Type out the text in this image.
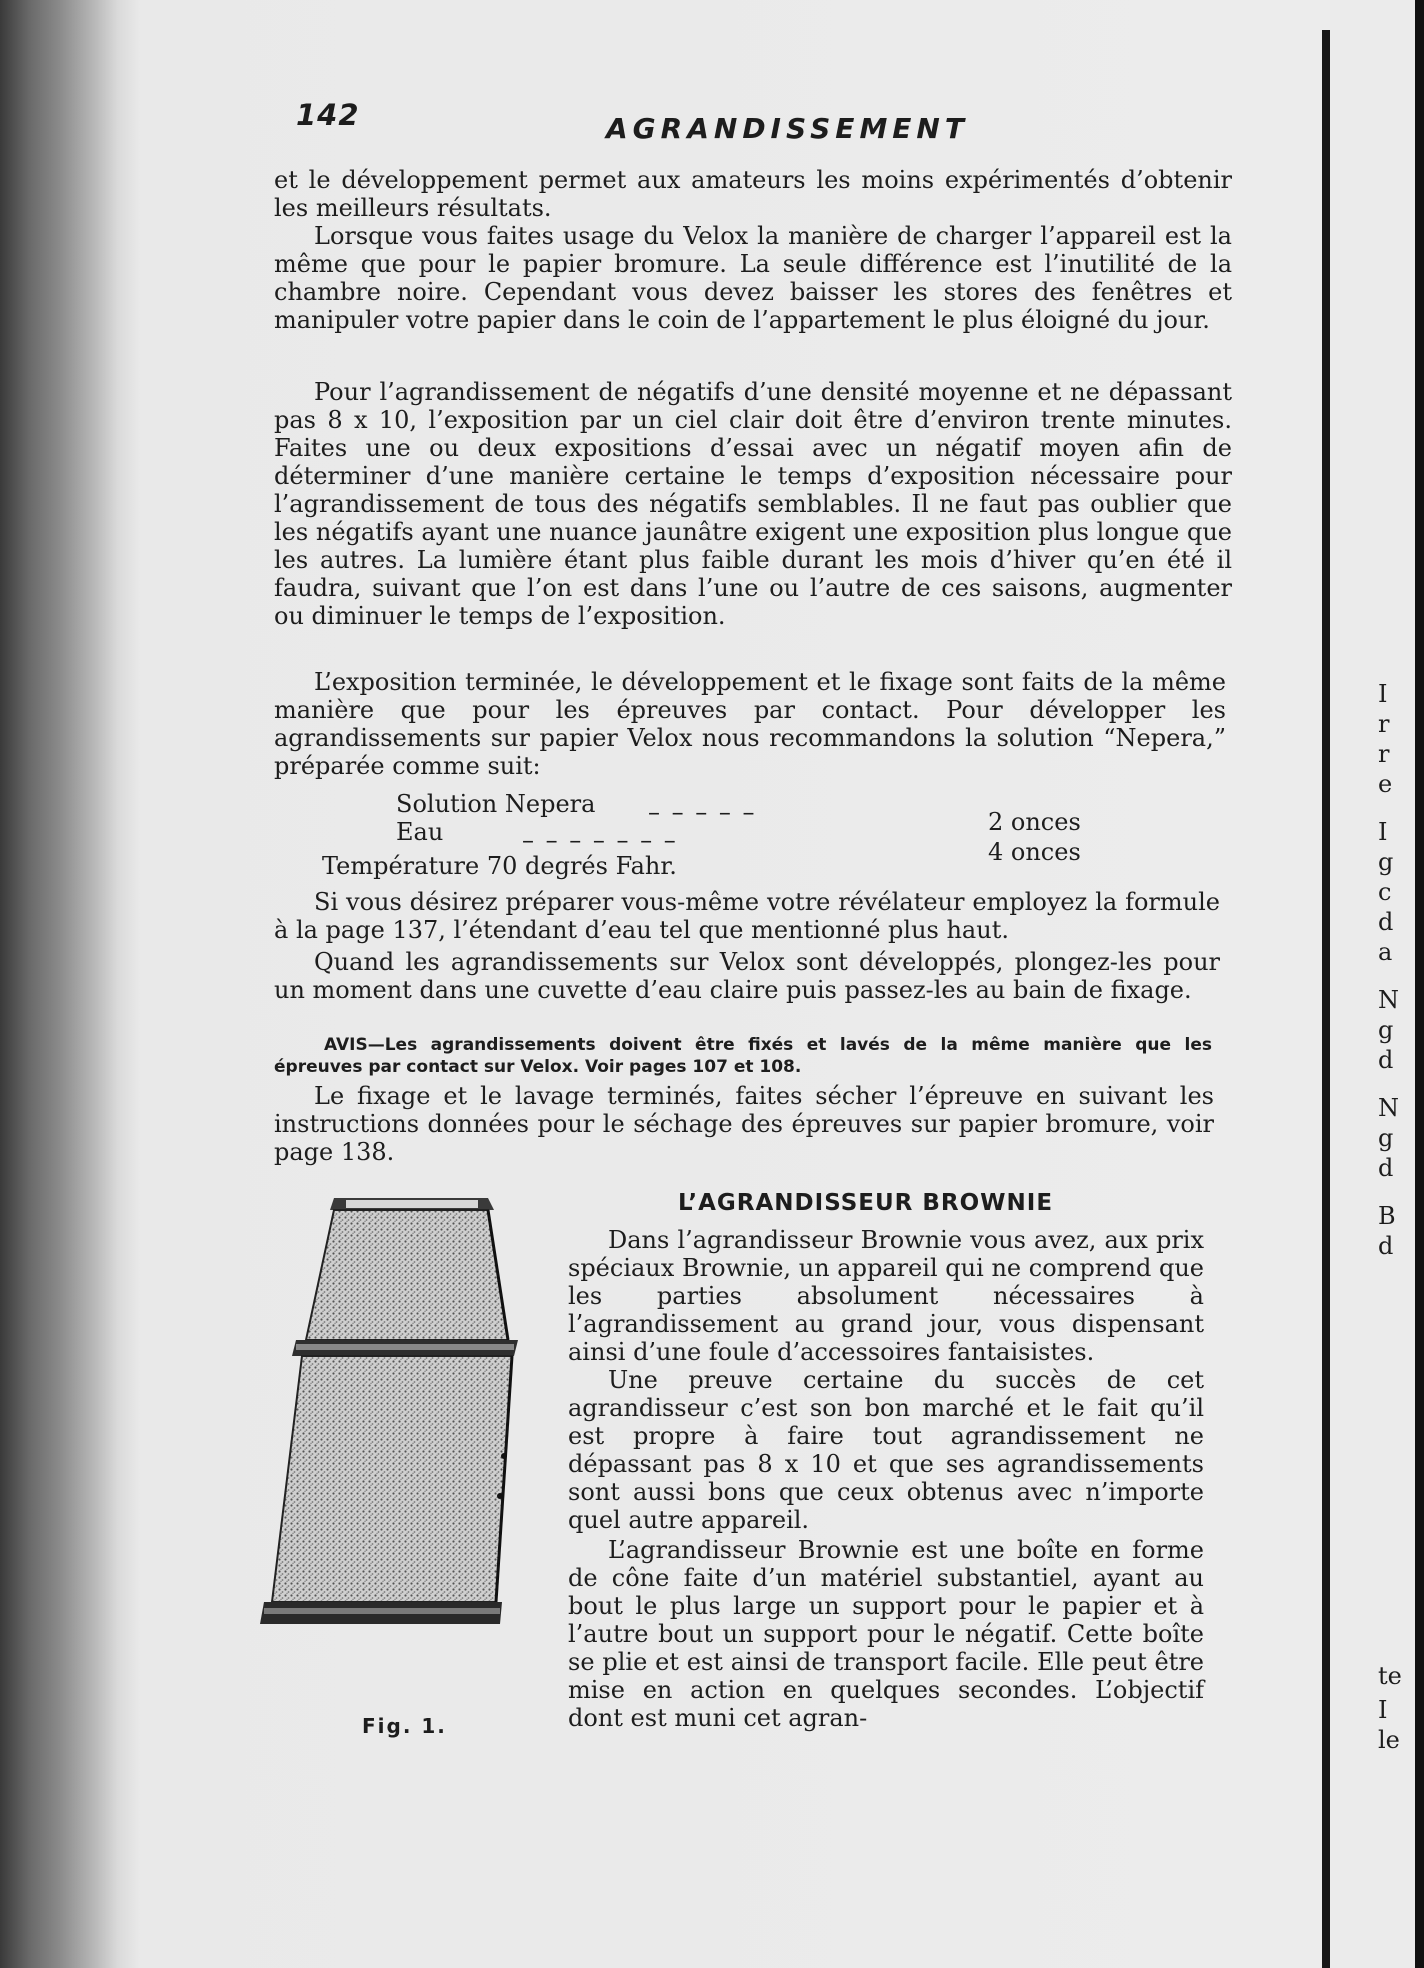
142	AGRANDISSEMENT

et le développement permet aux amateurs les moins expérimentés d’obtenir les meilleurs résultats.

Lorsque vous faites usage du Velox la manière de charger l’appareil est la même que pour le papier bromure. La seule différence est l’inutilité de la chambre noire. Cependant vous devez baisser les stores des fenêtres et manipuler votre papier dans le coin de l’appartement le plus éloigné du jour.

Pour l’agrandissement de négatifs d’une densité moyenne et ne dépassant pas 8 x 10, l’exposition par un ciel clair doit être d’environ trente minutes. Faites une ou deux expositions d’essai avec un négatif moyen afin de déterminer d’une manière certaine le temps d’exposition nécessaire pour l’agrandissement de tous des négatifs semblables. Il ne faut pas oublier que les négatifs ayant une nuance jaunâtre exigent une exposition plus longue que les autres. La lumière étant plus faible durant les mois d’hiver qu’en été il faudra, suivant que l’on est dans l’une ou l’autre de ces saisons, augmenter ou diminuer le temps de l’exposition.

L’exposition terminée, le développement et le fixage sont faits de la même manière que pour les épreuves par contact. Pour développer les agrandissements sur papier Velox nous recommandons la solution “Nepera,” préparée comme suit:

Solution Nepera – – – – –	2 onces
Eau	– – – – – – –	4 onces
Température 70 degrés Fahr.

Si vous désirez préparer vous-même votre révélateur employez la formule à la page 137, l’étendant d’eau tel que mentionné plus haut.

Quand les agrandissements sur Velox sont développés, plongez-les pour un moment dans une cuvette d’eau claire puis passez-les au bain de fixage.

AVIS—Les agrandissements doivent être fixés et lavés de la même manière que les épreuves par contact sur Velox. Voir pages 107 et 108.

Le fixage et le lavage terminés, faites sécher l’épreuve en suivant les instructions données pour le séchage des épreuves sur papier bromure, voir page 138.

L’AGRANDISSEUR BROWNIE

Dans l’agrandisseur Brownie vous avez, aux prix spéciaux Brownie, un appareil qui ne comprend que les parties absolument nécessaires à l’agrandissement au grand jour, vous dispensant ainsi d’une foule d’accessoires fantaisistes.

Une preuve certaine du succès de cet agrandisseur c’est son bon marché et le fait qu’il est propre à faire tout agrandissement ne dépassant pas 8 x 10 et que ses agrandissements sont aussi bons que ceux obtenus avec n’importe quel autre appareil.

L’agrandisseur Brownie est une boîte en forme de cône faite d’un matériel substantiel, ayant au bout le plus large un support pour le papier et à l’autre bout un support pour le négatif. Cette boîte se plie et est ainsi de transport facile. Elle peut être mise en action en quelques secondes. L’objectif dont est muni cet agran-

Fig. 1.
I
r
r
e
I
g
c
d
a
N
g
d
N
g
d
B
d
te
I
le
